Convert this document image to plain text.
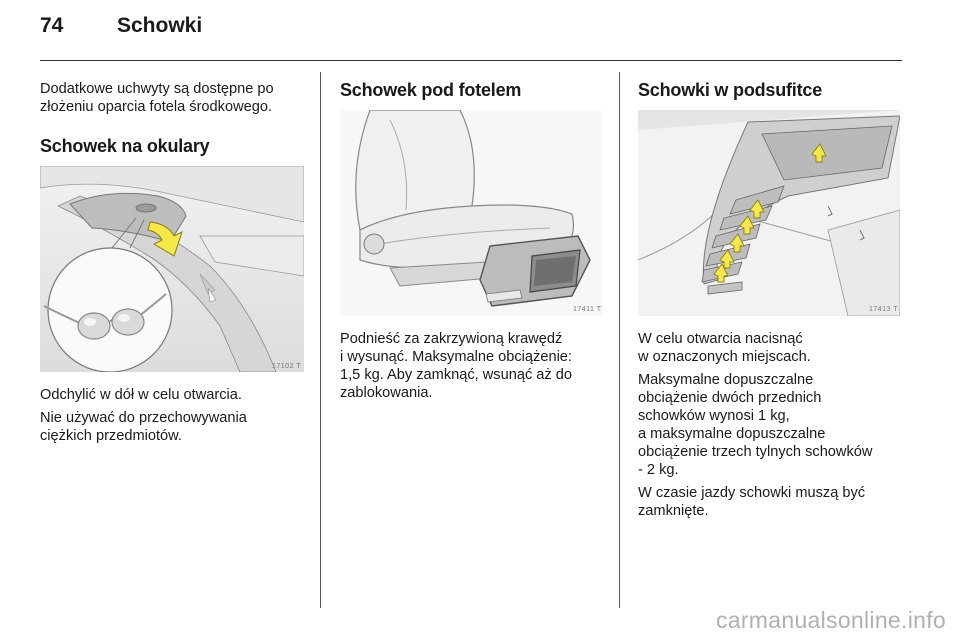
74	Schowki

Dodatkowe uchwyty są dostępne po

złożeniu oparcia fotela środkowego.

Schowek na okulary
17102 T

Odchylić w dół w celu otwarcia.

Nie używać do przechowywania

ciężkich przedmiotów.

Schowek pod fotelem
17411 T

Podnieść za zakrzywioną krawędź

i wysunąć. Maksymalne obciążenie:

1,5 kg. Aby zamknąć, wsunąć aż do

zablokowania.

Schowki w podsufitce
17413 T

W celu otwarcia nacisnąć

w oznaczonych miejscach.

Maksymalne dopuszczalne

obciążenie dwóch przednich

schowków wynosi 1 kg,

a maksymalne dopuszczalne

obciążenie trzech tylnych schowków

- 2 kg.

W czasie jazdy schowki muszą być

zamknięte.

carmanualsonline.info
